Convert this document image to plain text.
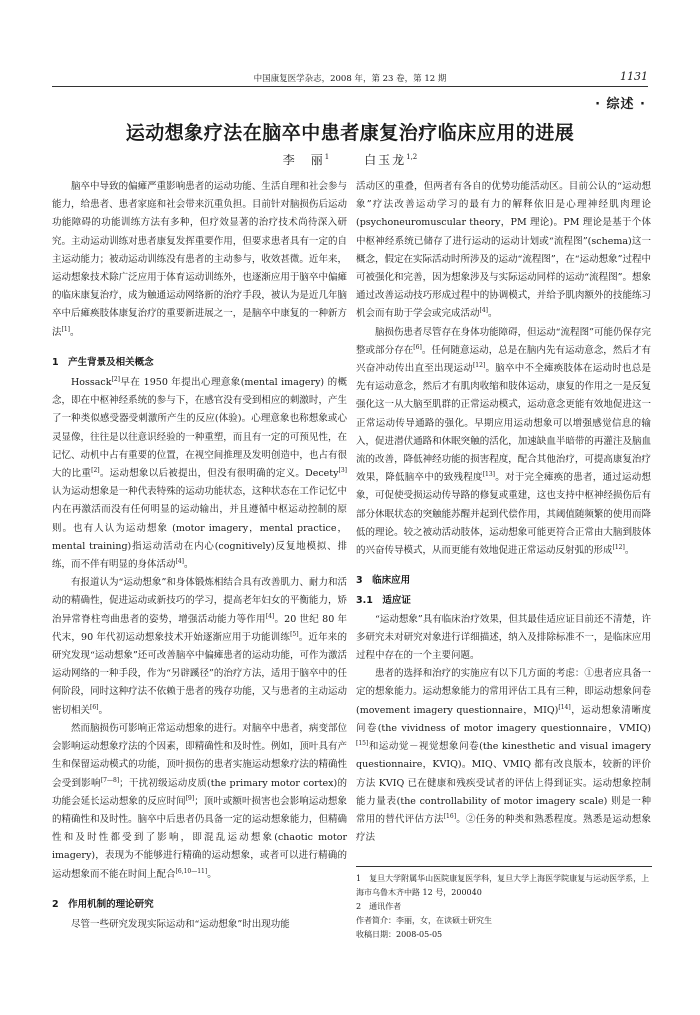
中国康复医学杂志，2008 年，第 23 卷，第 12 期	1131
· 综述 ·
运动想象疗法在脑卒中患者康复治疗临床应用的进展
李　丽$^1$	白玉龙$^{1,2}$

脑卒中导致的偏瘫严重影响患者的运动功能、生活自理和社会参与能力，给患者、患者家庭和社会带来沉重负担。目前针对脑损伤后运动功能障碍的功能训练方法有多种，但疗效显著的治疗技术尚待深入研究。主动运动训练对患者康复发挥重要作用，但要求患者具有一定的自主运动能力；被动运动训练没有患者的主动参与，收效甚微。近年来，运动想象技术除广泛应用于体育运动训练外，也逐渐应用于脑卒中偏瘫的临床康复治疗，成为触通运动网络新的治疗手段，被认为是近几年脑卒中后瘫痪肢体康复治疗的重要新进展之一，是脑卒中康复的一种新方法[1]。

1　产生背景及相关概念

Hossack[2]早在 1950 年提出心理意象(mental imagery) 的概念，即在中枢神经系统的参与下，在感官没有受到相应的刺激时，产生了一种类似感受器受刺激所产生的反应(体验)。心理意象也称想象或心灵显像，往往是以往意识经验的一种重塑，而且有一定的可预见性，在记忆、动机中占有重要的位置，在视空间推理及发明创造中，也占有很大的比重[2]。运动想象以后被提出，但没有很明确的定义。Decety[3]认为运动想象是一种代表特殊的运动功能状态，这种状态在工作记忆中内在再激活而没有任何明显的运动输出，并且遵循中枢运动控制的原则。也有人认为运动想象 (motor imagery，mental practice，mental training)指运动活动在内心(cognitively)反复地模拟、排练，而不伴有明显的身体活动[4]。

有报道认为“运动想象”和身体锻炼相结合具有改善肌力、耐力和活动的精确性，促进运动或新技巧的学习，提高老年妇女的平衡能力，矫治异常脊柱弯曲患者的姿势，增强活动能力等作用[4]。20 世纪 80 年代末，90 年代初运动想象技术开始逐渐应用于功能训练[5]。近年来的研究发现“运动想象”还可改善脑卒中偏瘫患者的运动功能，可作为激活运动网络的一种手段，作为“另辟蹊径”的治疗方法，适用于脑卒中的任何阶段，同时这种疗法不依赖于患者的残存功能，又与患者的主动运动密切相关[6]。

然而脑损伤可影响正常运动想象的进行。对脑卒中患者，病变部位会影响运动想象疗法的个因素，即精确性和及时性。例如，顶叶具有产生和保留运动模式的功能，顶叶损伤的患者实施运动想象疗法的精确性会受到影响[7—8]；干扰初级运动皮质(the primary motor cortex)的功能会延长运动想象的反应时间[9]；顶叶或额叶损害也会影响运动想象的精确性和及时性。脑卒中后患者仍具备一定的运动想象能力，但精确性和及时性都受到了影响，即混乱运动想象(chaotic motor imagery)，表现为不能够进行精确的运动想象，或者可以进行精确的运动想象而不能在时间上配合[6,10—11]。

2　作用机制的理论研究

尽管一些研究发现实际运动和“运动想象”时出现功能

活动区的重叠，但两者有各自的优势功能活动区。目前公认的“运动想象”疗法改善运动学习的最有力的解释依旧是心理神经肌肉理论 (psychoneuromuscular theory，PM 理论)。PM 理论是基于个体中枢神经系统已储存了进行运动的运动计划或“流程图”(schema)这一概念，假定在实际活动时所涉及的运动“流程图”，在“运动想象”过程中可被强化和完善，因为想象涉及与实际运动同样的运动“流程图”。想象通过改善运动技巧形成过程中的协调模式，并给予肌肉额外的技能练习机会而有助于学会或完成活动[4]。

脑损伤患者尽管存在身体功能障碍，但运动“流程图”可能仍保存完整或部分存在[6]。任何随意运动，总是在脑内先有运动意念，然后才有兴奋冲动传出直至出现运动[12]。脑卒中不全瘫痪肢体在运动时也总是先有运动意念，然后才有肌肉收缩和肢体运动，康复的作用之一是反复强化这一从大脑至肌群的正常运动模式，运动意念更能有效地促进这一正常运动传导通路的强化。早期应用运动想象可以增强感觉信息的输入，促进潜伏通路和休眠突触的活化，加速缺血半暗带的再灌注及脑血流的改善，降低神经功能的损害程度，配合其他治疗，可提高康复治疗效果，降低脑卒中的致残程度[13]。对于完全瘫痪的患者，通过运动想象，可促使受损运动传导路的修复或重建，这也支持中枢神经损伤后有部分休眠状态的突触能苏醒并起到代偿作用，其阈值随频繁的使用而降低的理论。较之被动活动肢体，运动想象可能更符合正常由大脑到肢体的兴奋传导模式，从而更能有效地促进正常运动反射弧的形成[12]。

3　临床应用
3.1　适应证

“运动想象”具有临床治疗效果，但其最佳适应证目前还不清楚，许多研究未对研究对象进行详细描述，纳入及排除标准不一，是临床应用过程中存在的一个主要问题。

患者的选择和治疗的实施应有以下几方面的考虑：①患者应具备一定的想象能力。运动想象能力的常用评估工具有三种，即运动想象问卷 (movement imagery questionnaire，MIQ)[14]，运动想象清晰度问卷(the vividness of motor imagery questionnaire，VMIQ)[15]和运动觉－视觉想象问卷(the kinesthetic and visual imagery questionnaire，KVIQ)。MIQ、VMIQ 都有改良版本，较新的评价方法 KVIQ 已在健康和残疾受试者的评估上得到证实。运动想象控制能力量表(the controllability of motor imagery scale) 则是一种常用的替代评估方法[16]。②任务的种类和熟悉程度。熟悉是运动想象疗法

1　复旦大学附属华山医院康复医学科，复旦大学上海医学院康复与运动医学系，上海市乌鲁木齐中路 12 号，200040
2　通讯作者
作者简介：李丽，女，在读硕士研究生
收稿日期：2008-05-05
